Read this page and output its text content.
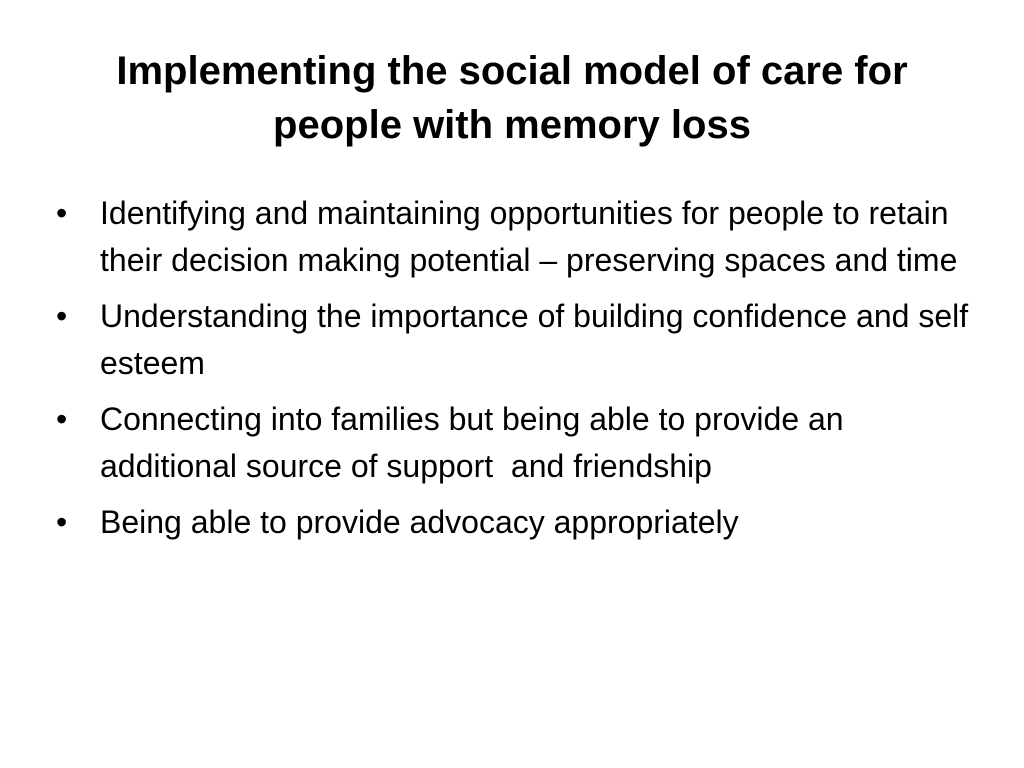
Implementing the social model of care for
people with memory loss
• Identifying and maintaining opportunities for people to retain their decision making potential – preserving spaces and time
• Understanding the importance of building confidence and self esteem
• Connecting into families but being able to provide an additional source of support  and friendship
• Being able to provide advocacy appropriately
